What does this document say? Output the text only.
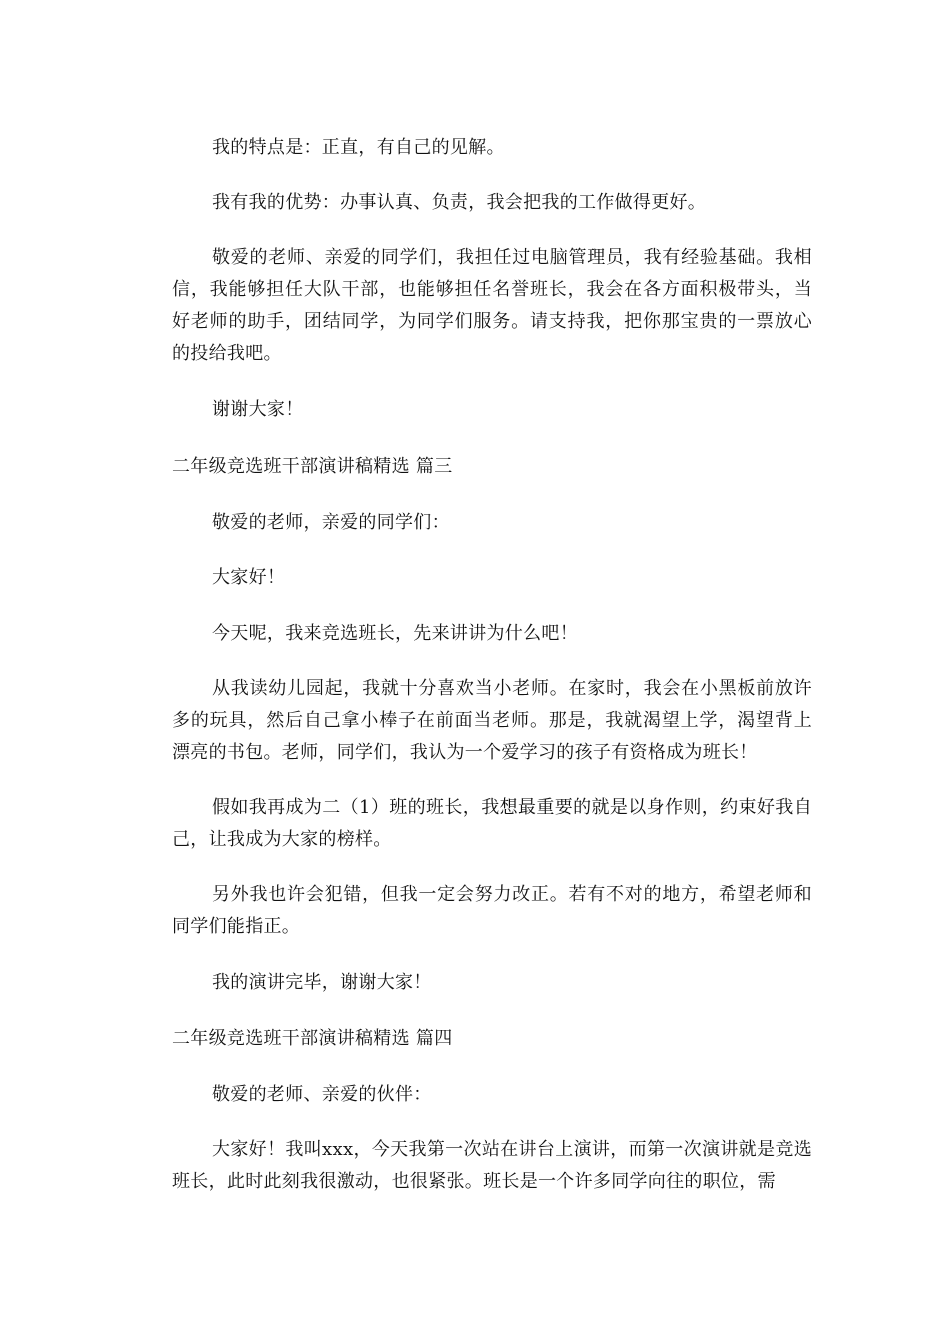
我的特点是：正直，有自己的见解。

我有我的优势：办事认真、负责，我会把我的工作做得更好。

敬爱的老师、亲爱的同学们，我担任过电脑管理员，我有经验基础。我相信，我能够担任大队干部，也能够担任名誉班长，我会在各方面积极带头，当好老师的助手，团结同学，为同学们服务。请支持我，把你那宝贵的一票放心的投给我吧。

谢谢大家！

二年级竞选班干部演讲稿精选 篇三

敬爱的老师，亲爱的同学们：

大家好！

今天呢，我来竞选班长，先来讲讲为什么吧！

从我读幼儿园起，我就十分喜欢当小老师。在家时，我会在小黑板前放许多的玩具，然后自己拿小棒子在前面当老师。那是，我就渴望上学，渴望背上漂亮的书包。老师，同学们，我认为一个爱学习的孩子有资格成为班长！

假如我再成为二（1）班的班长，我想最重要的就是以身作则，约束好我自己，让我成为大家的榜样。

另外我也许会犯错，但我一定会努力改正。若有不对的地方，希望老师和同学们能指正。

我的演讲完毕，谢谢大家！

二年级竞选班干部演讲稿精选 篇四

敬爱的老师、亲爱的伙伴：

大家好！我叫xxx，今天我第一次站在讲台上演讲，而第一次演讲就是竞选班长，此时此刻我很激动，也很紧张。班长是一个许多同学向往的职位，需
